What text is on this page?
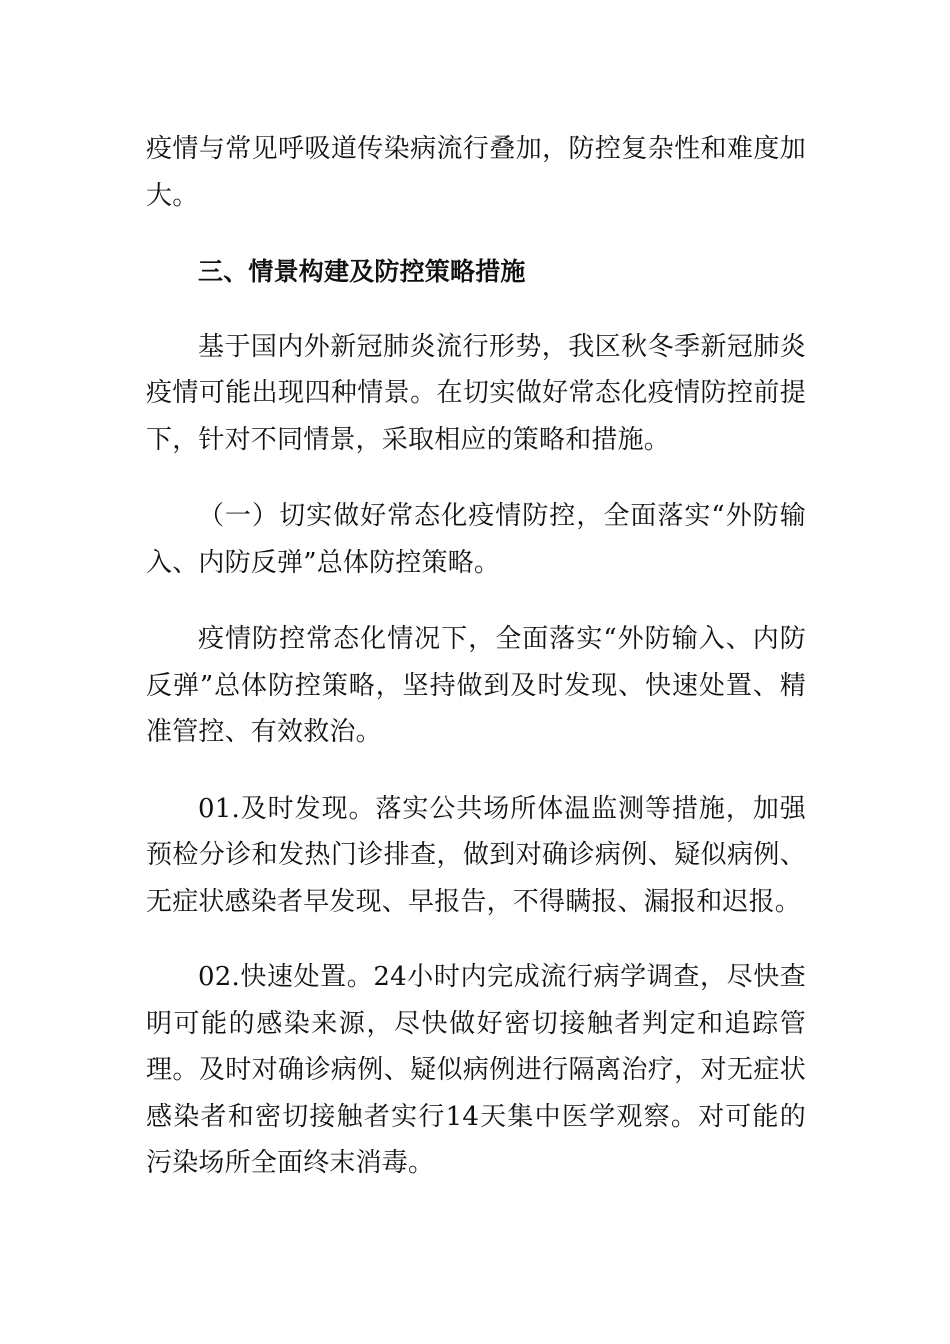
疫情与常见呼吸道传染病流行叠加，防控复杂性和难度加大。

三、情景构建及防控策略措施

基于国内外新冠肺炎流行形势，我区秋冬季新冠肺炎疫情可能出现四种情景。在切实做好常态化疫情防控前提下，针对不同情景，采取相应的策略和措施。

（一）切实做好常态化疫情防控，全面落实“外防输入、内防反弹”总体防控策略。

疫情防控常态化情况下，全面落实“外防输入、内防反弹”总体防控策略，坚持做到及时发现、快速处置、精准管控、有效救治。

01.及时发现。落实公共场所体温监测等措施，加强预检分诊和发热门诊排查，做到对确诊病例、疑似病例、无症状感染者早发现、早报告，不得瞒报、漏报和迟报。

02.快速处置。24小时内完成流行病学调查，尽快查明可能的感染来源，尽快做好密切接触者判定和追踪管理。及时对确诊病例、疑似病例进行隔离治疗，对无症状感染者和密切接触者实行14天集中医学观察。对可能的污染场所全面终末消毒。
